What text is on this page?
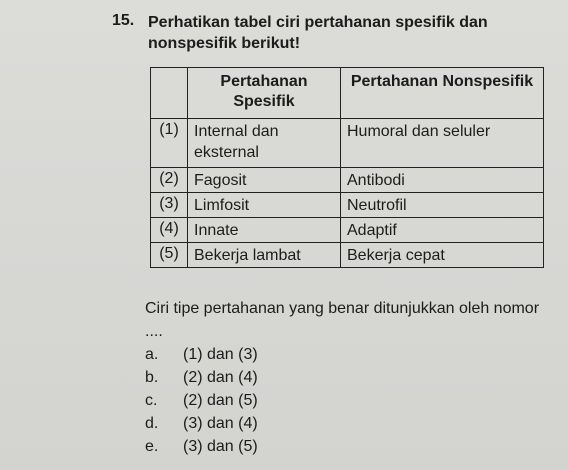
15. Perhatikan tabel ciri pertahanan spesifik dan nonspesifik berikut!
	Pertahanan Spesifik	Pertahanan Nonspesifik
(1)	Internal dan eksternal	Humoral dan seluler
(2)	Fagosit	Antibodi
(3)	Limfosit	Neutrofil
(4)	Innate	Adaptif
(5)	Bekerja lambat	Bekerja cepat
Ciri tipe pertahanan yang benar ditunjukkan oleh nomor ....
a. (1) dan (3)
b. (2) dan (4)
c. (2) dan (5)
d. (3) dan (4)
e. (3) dan (5)
